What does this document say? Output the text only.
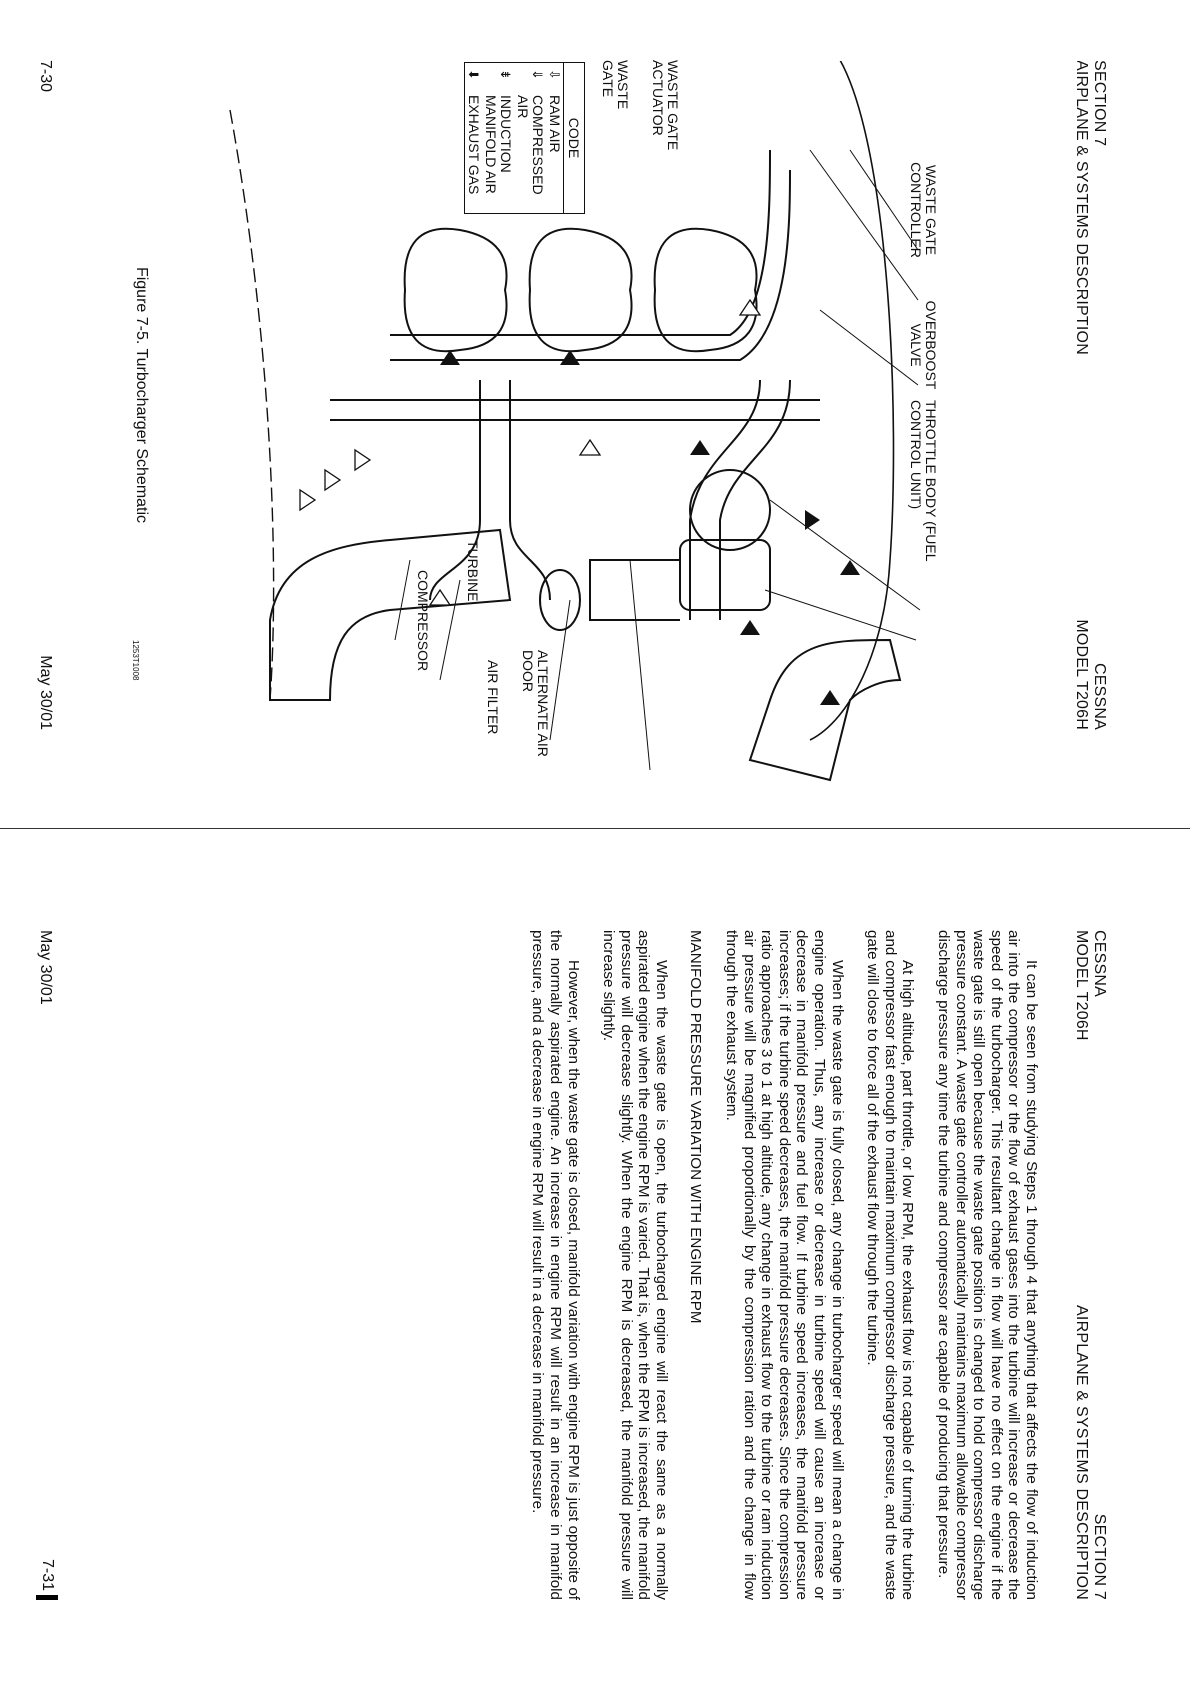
SECTION 7
AIRPLANE & SYSTEMS DESCRIPTION
CESSNA
MODEL T206H
WASTE GATE CONTROLLER
OVERBOOST VALVE
THROTTLE BODY (FUEL CONTROL UNIT)
WASTE GATE ACTUATOR
WASTE GATE
TURBINE
COMPRESSOR
ALTERNATE AIR DOOR
AIR FILTER
CODE
⇩
RAM AIR
⇓
COMPRESSED AIR
⇟
INDUCTION MANIFOLD AIR
⬇
EXHAUST GAS
Figure 7-5. Turbocharger Schematic
1253T1008
7-30
May 30/01
CESSNA
MODEL T206H
SECTION 7
AIRPLANE & SYSTEMS DESCRIPTION

It can be seen from studying Steps 1 through 4 that anything that affects the flow of induction air into the compressor or the flow of exhaust gases into the turbine will increase or decrease the speed of the turbocharger. This resultant change in flow will have no effect on the engine if the waste gate is still open because the waste gate position is changed to hold compressor discharge pressure constant. A waste gate controller automatically maintains maximum allowable compressor discharge pressure any time the turbine and compressor are capable of producing that pressure.

At high altitude, part throttle, or low RPM, the exhaust flow is not capable of turning the turbine and compressor fast enough to maintain maximum compressor discharge pressure, and the waste gate will close to force all of the exhaust flow through the turbine.

When the waste gate is fully closed, any change in turbocharger speed will mean a change in engine operation. Thus, any increase or decrease in turbine speed will cause an increase or decrease in manifold pressure and fuel flow. If turbine speed increases, the manifold pressure increases; if the turbine speed decreases, the manifold pressure decreases. Since the compression ratio approaches 3 to 1 at high altitude, any change in exhaust flow to the turbine or ram induction air pressure will be magnified proportionally by the compression ration and the change in flow through the exhaust system.

MANIFOLD PRESSURE VARIATION WITH ENGINE RPM

When the waste gate is open, the turbocharged engine will react the same as a normally aspirated engine when the engine RPM is varied. That is, when the RPM is increased, the manifold pressure will decrease slightly. When the engine RPM is decreased, the manifold pressure will increase slightly.

However, when the waste gate is closed, manifold variation with engine RPM is just opposite of the normally aspirated engine. An increase in engine RPM will result in an increase in manifold pressure, and a decrease in engine RPM will result in a decrease in manifold pressure.

May 30/01
7-31
